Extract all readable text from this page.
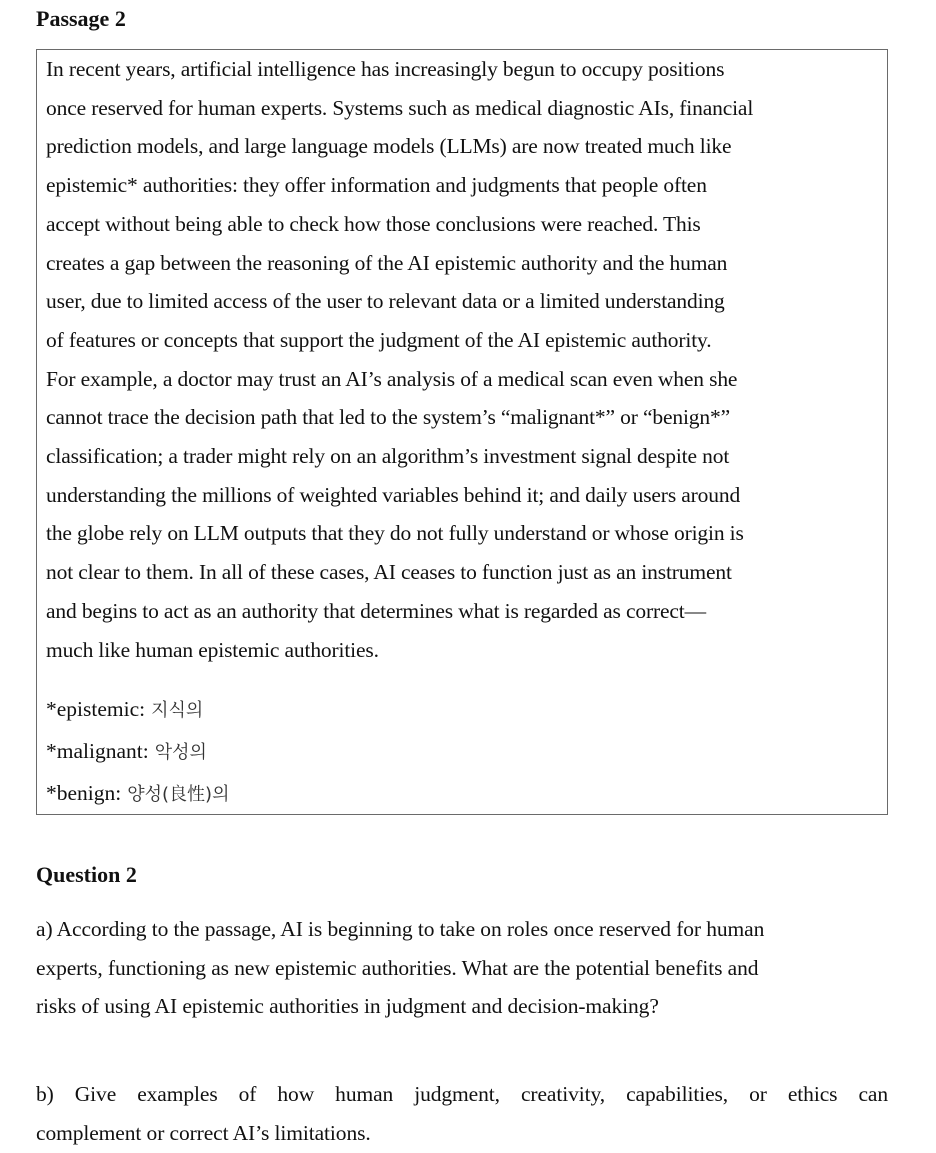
Passage 2

In recent years, artificial intelligence has increasingly begun to occupy positions
once reserved for human experts. Systems such as medical diagnostic AIs, financial
prediction models, and large language models (LLMs) are now treated much like
epistemic* authorities: they offer information and judgments that people often
accept without being able to check how those conclusions were reached. This
creates a gap between the reasoning of the AI epistemic authority and the human
user, due to limited access of the user to relevant data or a limited understanding
of features or concepts that support the judgment of the AI epistemic authority.
For example, a doctor may trust an AI’s analysis of a medical scan even when she
cannot trace the decision path that led to the system’s “malignant*” or “benign*”
classification; a trader might rely on an algorithm’s investment signal despite not
understanding the millions of weighted variables behind it; and daily users around
the globe rely on LLM outputs that they do not fully understand or whose origin is
not clear to them. In all of these cases, AI ceases to function just as an instrument
and begins to act as an authority that determines what is regarded as correct—
much like human epistemic authorities.

*epistemic: 지식의
*malignant: 악성의
*benign: 양성(良性)의
Question 2

a) According to the passage, AI is beginning to take on roles once reserved for human
experts, functioning as new epistemic authorities. What are the potential benefits and
risks of using AI epistemic authorities in judgment and decision-making?

b) Give examples of how human judgment, creativity, capabilities, or ethics can
complement or correct AI’s limitations.
